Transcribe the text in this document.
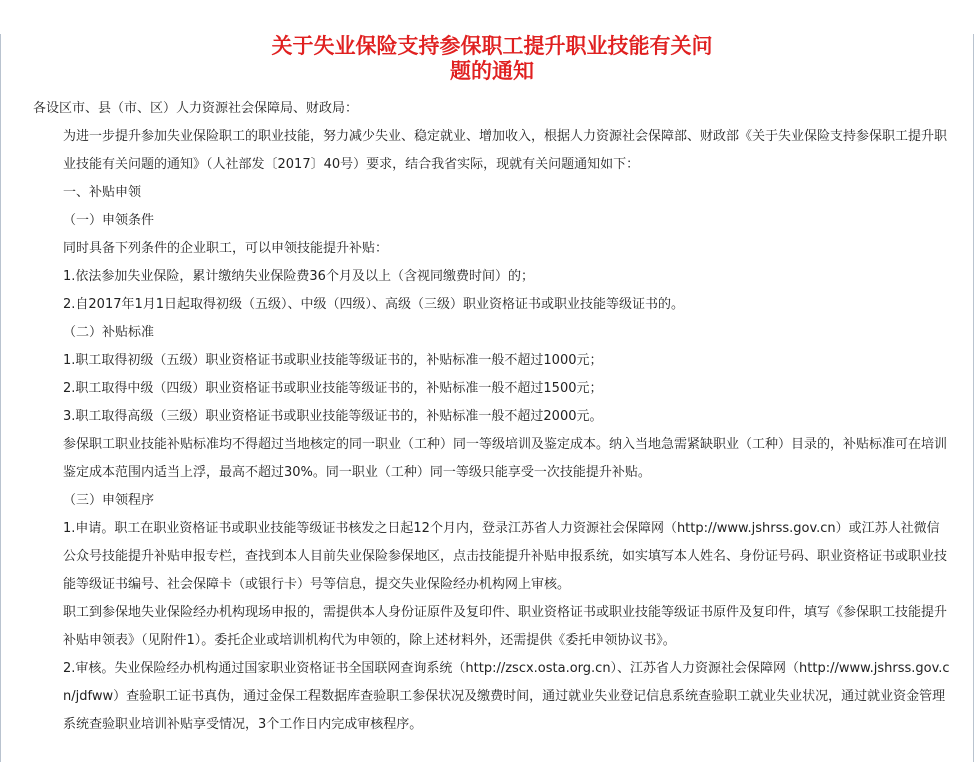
关于失业保险支持参保职工提升职业技能有关问
题的通知

各设区市、县（市、区）人力资源社会保障局、财政局：

为进一步提升参加失业保险职工的职业技能，努力减少失业、稳定就业、增加收入，根据人力资源社会保障部、财政部《关于失业保险支持参保职工提升职业技能有关问题的通知》（人社部发〔2017〕40号）要求，结合我省实际，现就有关问题通知如下：

一、补贴申领

（一）申领条件

同时具备下列条件的企业职工，可以申领技能提升补贴：

1.依法参加失业保险，累计缴纳失业保险费36个月及以上（含视同缴费时间）的；

2.自2017年1月1日起取得初级（五级）、中级（四级）、高级（三级）职业资格证书或职业技能等级证书的。

（二）补贴标准

1.职工取得初级（五级）职业资格证书或职业技能等级证书的，补贴标准一般不超过1000元；

2.职工取得中级（四级）职业资格证书或职业技能等级证书的，补贴标准一般不超过1500元；

3.职工取得高级（三级）职业资格证书或职业技能等级证书的，补贴标准一般不超过2000元。

参保职工职业技能补贴标准均不得超过当地核定的同一职业（工种）同一等级培训及鉴定成本。纳入当地急需紧缺职业（工种）目录的，补贴标准可在培训鉴定成本范围内适当上浮，最高不超过30%。同一职业（工种）同一等级只能享受一次技能提升补贴。

（三）申领程序

1.申请。职工在职业资格证书或职业技能等级证书核发之日起12个月内，登录江苏省人力资源社会保障网（http://www.jshrss.gov.cn）或江苏人社微信公众号技能提升补贴申报专栏，查找到本人目前失业保险参保地区，点击技能提升补贴申报系统，如实填写本人姓名、身份证号码、职业资格证书或职业技能等级证书编号、社会保障卡（或银行卡）号等信息，提交失业保险经办机构网上审核。

职工到参保地失业保险经办机构现场申报的，需提供本人身份证原件及复印件、职业资格证书或职业技能等级证书原件及复印件，填写《参保职工技能提升补贴申领表》（见附件1）。委托企业或培训机构代为申领的，除上述材料外，还需提供《委托申领协议书》。

2.审核。失业保险经办机构通过国家职业资格证书全国联网查询系统（http://zscx.osta.org.cn）、江苏省人力资源社会保障网（http://www.jshrss.gov.cn/jdfww）查验职工证书真伪，通过金保工程数据库查验职工参保状况及缴费时间，通过就业失业登记信息系统查验职工就业失业状况，通过就业资金管理系统查验职业培训补贴享受情况，3个工作日内完成审核程序。
